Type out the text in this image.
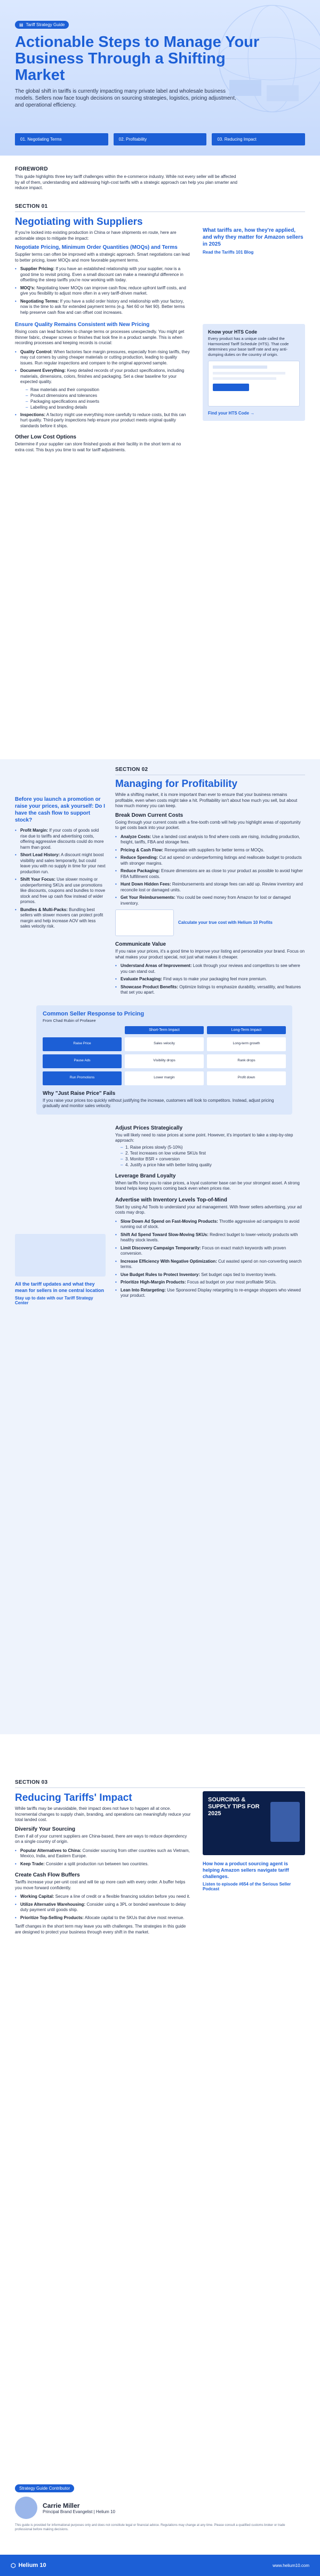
▤ Tariff Strategy Guide
Actionable Steps to Manage Your Business Through a Shifting Market

The global shift in tariffs is currently impacting many private label and wholesale business models. Sellers now face tough decisions on sourcing strategies, logistics, pricing adjustment, and operational efficiency.

01. Negotiating Terms	02. Profitability	03. Reducing Impact
FOREWORD
This guide highlights three key tariff challenges within the e-commerce industry. While not every seller will be affected by all of them, understanding and addressing high-cost tariffs with a strategic approach can help you plan smarter and reduce impact.
SECTION 01
Negotiating with Suppliers
If you're locked into existing production in China or have shipments en route, here are actionable steps to mitigate the impact:
Negotiate Pricing, Minimum Order Quantities (MOQs) and Terms
Supplier terms can often be improved with a strategic approach. Smart negotiations can lead to better pricing, lower MOQs and more favorable payment terms.
• Supplier Pricing: If you have an established relationship with your supplier, now is a good time to revisit pricing. Even a small discount can make a meaningful difference in offsetting the steep tariffs you're now working with today.
• MOQ's: Negotiating lower MOQs can improve cash flow, reduce upfront tariff costs, and give you flexibility to adjust more often in a very tariff-driven market.
• Negotiating Terms: If you have a solid order history and relationship with your factory, now is the time to ask for extended payment terms (e.g. Net 60 or Net 90). Better terms help preserve cash flow and can offset cost increases.
Ensure Quality Remains Consistent with New Pricing
Rising costs can lead factories to change terms or processes unexpectedly. You might get thinner fabric, cheaper screws or finishes that look fine in a product sample. This is when recording processes and keeping records is crucial:
• Quality Control: When factories face margin pressures, especially from rising tariffs, they may cut corners by using cheaper materials or cutting production, leading to quality issues. Run regular inspections and compare to the original approved sample.
• Document Everything: Keep detailed records of your product specifications, including materials, dimensions, colors, finishes and packaging. Set a clear baseline for your expected quality.
– Raw materials and their composition
– Product dimensions and tolerances
– Packaging specifications and inserts
– Labelling and branding details
• Inspections: A factory might use everything more carefully to reduce costs, but this can hurt quality. Third-party inspections help ensure your product meets original quality standards before it ships.
Other Low Cost Options
Determine if your supplier can store finished goods at their facility in the short term at no extra cost. This buys you time to wait for tariff adjustments.
What tariffs are, how they're applied, and why they matter for Amazon sellers in 2025
Read the Tariffs 101 Blog
Know your HTS Code
Every product has a unique code called the Harmonized Tariff Schedule (HTS). That code determines your base tariff rate and any anti-dumping duties on the country of origin.
Find your HTS Code →
Before you launch a promotion or raise your prices, ask yourself: Do I have the cash flow to support stock?
• Profit Margin: If your costs of goods sold rise due to tariffs and advertising costs, offering aggressive discounts could do more harm than good.
• Short Lead History: A discount might boost visibility and sales temporarily, but could leave you with no supply in time for your next production run.
• Shift Your Focus: Use slower moving or underperforming SKUs and use promotions like discounts, coupons and bundles to move stock and free up cash flow instead of wider promos.
• Bundles & Multi-Packs: Bundling best sellers with slower movers can protect profit margin and help increase AOV with less sales velocity risk.
SECTION 02
Managing for Profitability
While a shifting market, it is more important than ever to ensure that your business remains profitable, even when costs might take a hit. Profitability isn't about how much you sell, but about how much money you can keep.
Break Down Current Costs
Going through your current costs with a fine-tooth comb will help you highlight areas of opportunity to get costs back into your pocket.
• Analyze Costs: Use a landed cost analysis to find where costs are rising, including production, freight, tariffs, FBA and storage fees.
• Pricing & Cash Flow: Renegotiate with suppliers for better terms or MOQs.
• Reduce Spending: Cut ad spend on underperforming listings and reallocate budget to products with stronger margins.
• Reduce Packaging: Ensure dimensions are as close to your product as possible to avoid higher FBA fulfillment costs.
• Hunt Down Hidden Fees: Reimbursements and storage fees can add up. Review inventory and reconcile lost or damaged units.
• Get Your Reimbursements: You could be owed money from Amazon for lost or damaged inventory.
Calculate your true cost with Helium 10 Profits
Communicate Value
If you raise your prices, it's a good time to improve your listing and personalize your brand. Focus on what makes your product special, not just what makes it cheaper.
• Understand Areas of Improvement: Look through your reviews and competitors to see where you can stand out.
• Evaluate Packaging: Find ways to make your packaging feel more premium.
• Showcase Product Benefits: Optimize listings to emphasize durability, versatility, and features that set you apart.
Common Seller Response to Pricing
From Chad Rubin of Profasee
Short-Term Impact	Long-Term Impact
Raise Price	Sales velocity	Long-term growth
Pause Ads	Visibility drops	Rank drops
Run Promotions	Lower margin	Profit down
Why "Just Raise Price" Fails
If you raise your prices too quickly without justifying the increase, customers will look to competitors. Instead, adjust pricing gradually and monitor sales velocity.
All the tariff updates and what they mean for sellers in one central location
Stay up to date with our Tariff Strategy Center
Adjust Prices Strategically
You will likely need to raise prices at some point. However, it's important to take a step-by-step approach:
– 1. Raise prices slowly (5-10%)
– 2. Test increases on low volume SKUs first
– 3. Monitor BSR + conversion
– 4. Justify a price hike with better listing quality
Leverage Brand Loyalty
When tariffs force you to raise prices, a loyal customer base can be your strongest asset. A strong brand helps keep buyers coming back even when prices rise.
Advertise with Inventory Levels Top-of-Mind
Start by using Ad Tools to understand your ad management. With fewer sellers advertising, your ad costs may drop.
• Slow Down Ad Spend on Fast-Moving Products: Throttle aggressive ad campaigns to avoid running out of stock.
• Shift Ad Spend Toward Slow-Moving SKUs: Redirect budget to lower-velocity products with healthy stock levels.
• Limit Discovery Campaign Temporarily: Focus on exact match keywords with proven conversion.
• Increase Efficiency With Negative Optimization: Cut wasted spend on non-converting search terms.
• Use Budget Rules to Protect Inventory: Set budget caps tied to inventory levels.
• Prioritize High-Margin Products: Focus ad budget on your most profitable SKUs.
• Lean Into Retargeting: Use Sponsored Display retargeting to re-engage shoppers who viewed your product.
SECTION 03
Reducing Tariffs' Impact
While tariffs may be unavoidable, their impact does not have to happen all at once. Incremental changes to supply chain, branding, and operations can meaningfully reduce your total landed cost.
Diversify Your Sourcing
Even if all of your current suppliers are China-based, there are ways to reduce dependency on a single country of origin.
• Popular Alternatives to China: Consider sourcing from other countries such as Vietnam, Mexico, India, and Eastern Europe.
• Keep Trade: Consider a split production run between two countries.
Create Cash Flow Buffers
Tariffs increase your per-unit cost and will tie up more cash with every order. A buffer helps you move forward confidently.
• Working Capital: Secure a line of credit or a flexible financing solution before you need it.
• Utilize Alternative Warehousing: Consider using a 3PL or bonded warehouse to delay duty payment until goods ship.
• Prioritize Top-Selling Products: Allocate capital to the SKUs that drive most revenue.
Tariff changes in the short term may leave you with challenges. The strategies in this guide are designed to protect your business through every shift in the market.
SOURCING & SUPPLY TIPS FOR 2025
How how a product sourcing agent is helping Amazon sellers navigate tariff challenges.
Listen to episode #654 of the Serious Seller Podcast
Strategy Guide Contributor
Carrie Miller
Principal Brand Evangelist | Helium 10
This guide is provided for informational purposes only and does not constitute legal or financial advice. Regulations may change at any time. Please consult a qualified customs broker or trade professional before making decisions.
⬡ Helium 10	www.helium10.com
